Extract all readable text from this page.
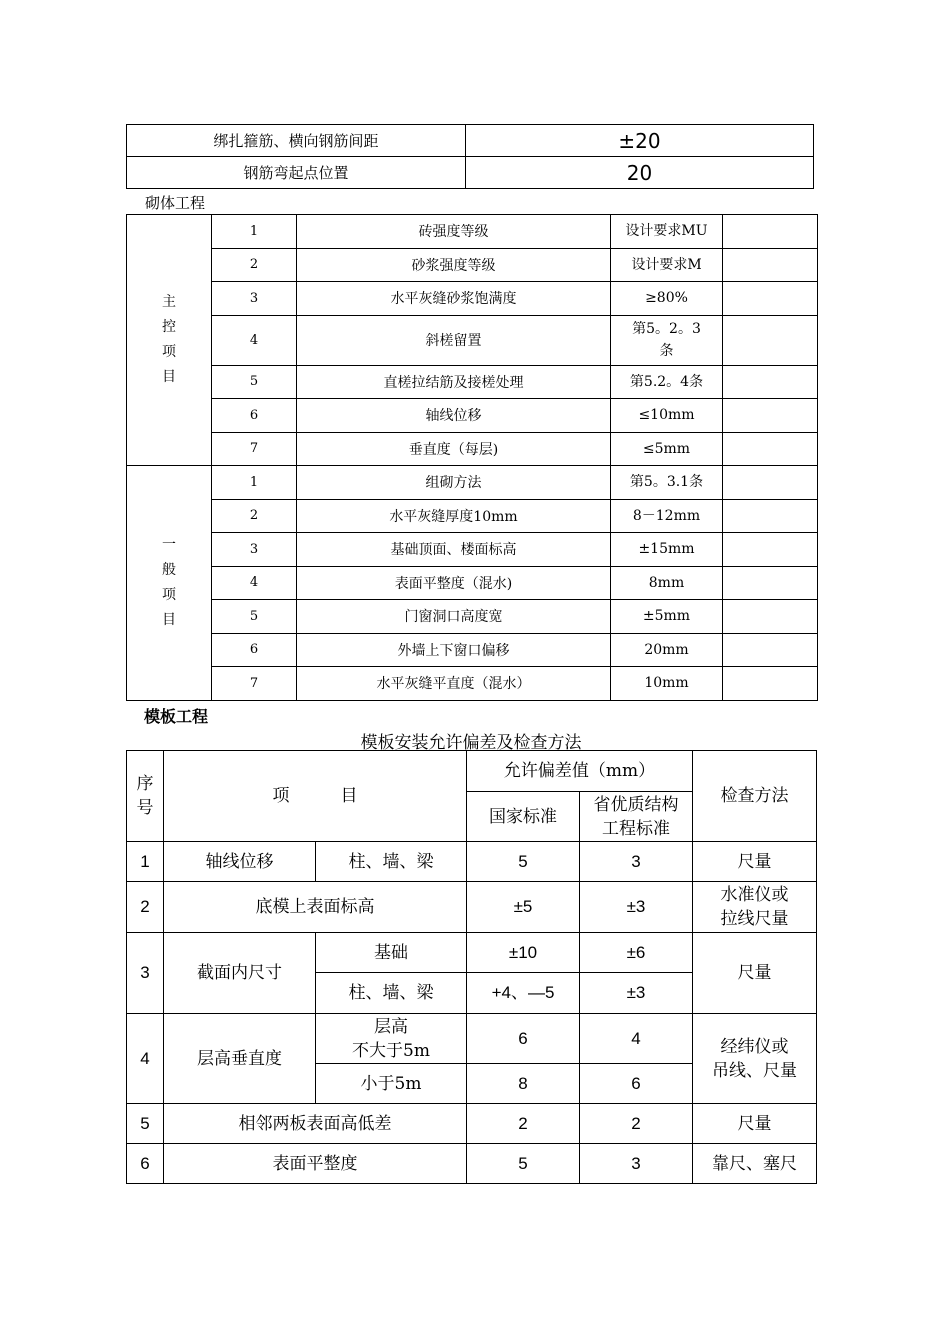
绑扎箍筋、横向钢筋间距	±20
钢筋弯起点位置	20
砌体工程
主
控
项
目	1	砖强度等级	设计要求MU	
	2	砂浆强度等级	设计要求M	
	3	水平灰缝砂浆饱满度	≥80%	
	4	斜槎留置	第5。2。3
条	
	5	直槎拉结筋及接槎处理	第5.2。4条	
	6	轴线位移	≤10mm	
	7	垂直度（每层)	≤5mm	
一
般
项
目	1	组砌方法	第5。3.1条	
	2	水平灰缝厚度10mm	8－12mm	
	3	基础顶面、楼面标高	±15mm	
	4	表面平整度（混水)	8mm	
	5	门窗洞口高度宽	±5mm	
	6	外墙上下窗口偏移	20mm	
	7	水平灰缝平直度（混水）	10mm	
模板工程
模板安装允许偏差及检查方法
序
号	项　　　目		允许偏差值（mm）		检查方法
			国家标准	省优质结构
工程标准	
1	轴线位移	柱、墙、梁	5	3	尺量
2	底模上表面标高		±5	±3	水准仪或
拉线尺量
3	截面内尺寸	基础	±10	±6	尺量
		柱、墙、梁	+4、—5	±3	
4	层高垂直度	层高
不大于5m	6	4	经纬仪或
吊线、尺量
		小于5m	8	6	
5	相邻两板表面高低差		2	2	尺量
6	表面平整度		5	3	靠尺、塞尺
